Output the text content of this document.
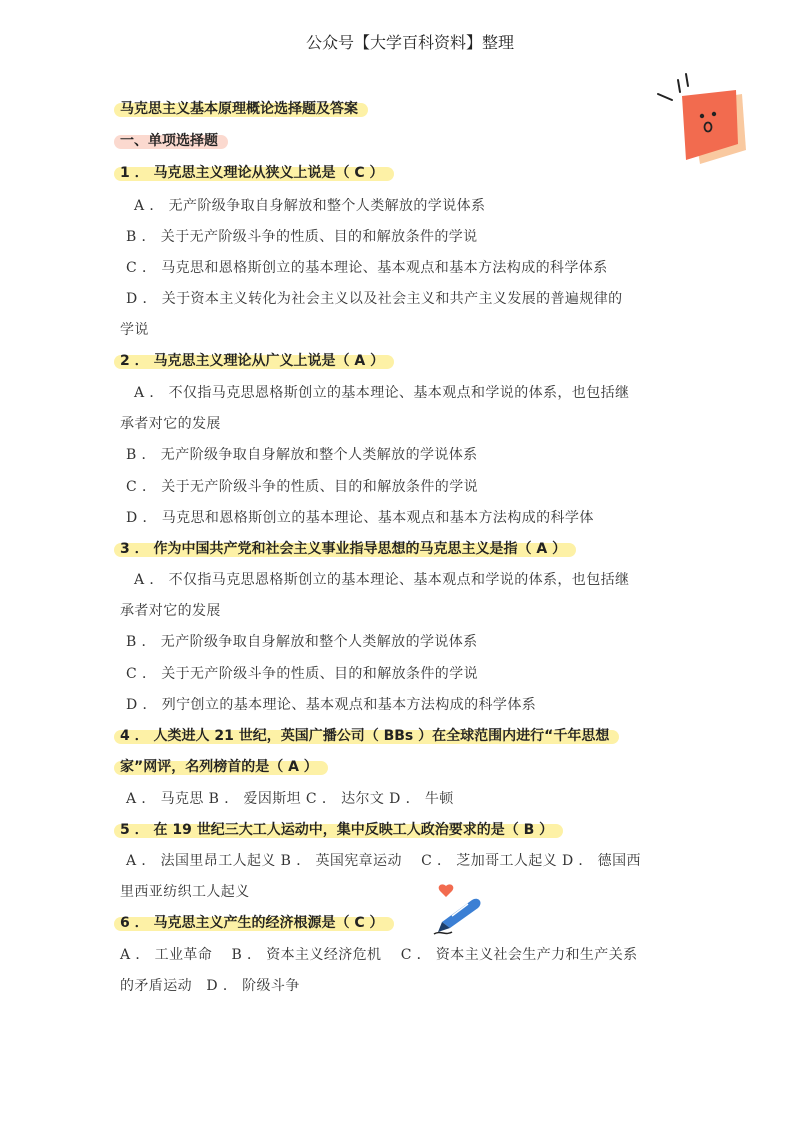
公众号【大学百科资料】整理
马克思主义基本原理概论选择题及答案
一、单项选择题
1 ． 马克思主义理论从狭义上说是（ C ）
A ． 无产阶级争取自身解放和整个人类解放的学说体系
B ． 关于无产阶级斗争的性质、目的和解放条件的学说
C ． 马克思和恩格斯创立的基本理论、基本观点和基本方法构成的科学体系
D ． 关于资本主义转化为社会主义以及社会主义和共产主义发展的普遍规律的
学说
2 ． 马克思主义理论从广义上说是（ A ）
A ． 不仅指马克思恩格斯创立的基本理论、基本观点和学说的体系，也包括继
承者对它的发展
B ． 无产阶级争取自身解放和整个人类解放的学说体系
C ． 关于无产阶级斗争的性质、目的和解放条件的学说
D ． 马克思和恩格斯创立的基本理论、基本观点和基本方法构成的科学体
3 ． 作为中国共产党和社会主义事业指导思想的马克思主义是指（ A ）
A ． 不仅指马克思恩格斯创立的基本理论、基本观点和学说的体系，也包括继
承者对它的发展
B ． 无产阶级争取自身解放和整个人类解放的学说体系
C ． 关于无产阶级斗争的性质、目的和解放条件的学说
D ． 列宁创立的基本理论、基本观点和基本方法构成的科学体系
4 ． 人类进人 21 世纪，英国广播公司（ BBs ）在全球范围内进行“千年思想
家”网评，名列榜首的是（ A ）
A ． 马克思 B ． 爱因斯坦 C ． 达尔文 D ． 牛顿
5 ． 在 19 世纪三大工人运动中，集中反映工人政治要求的是（ B ）
A ． 法国里昂工人起义 B ． 英国宪章运动　 C ． 芝加哥工人起义 D ． 德国西
里西亚纺织工人起义
6 ． 马克思主义产生的经济根源是（ C ）
A ． 工业革命　 B ． 资本主义经济危机　 C ． 资本主义社会生产力和生产关系
的矛盾运动　D ． 阶级斗争
